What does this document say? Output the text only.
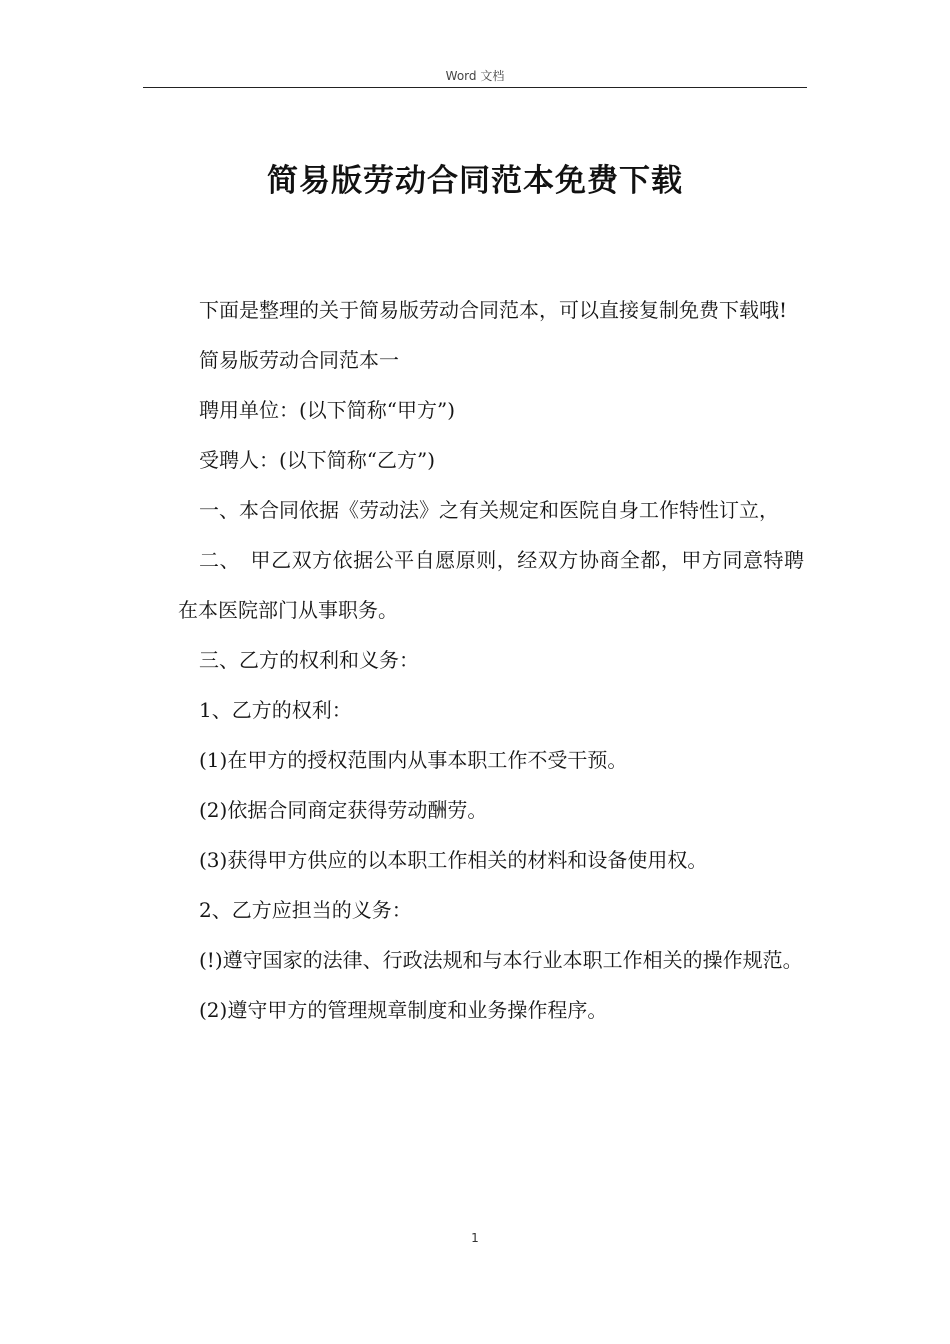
Word 文档
简易版劳动合同范本免费下载

下面是整理的关于简易版劳动合同范本，可以直接复制免费下载哦!

简易版劳动合同范本一

聘用单位：(以下简称“甲方”)

受聘人：(以下简称“乙方”)

一、本合同依据《劳动法》之有关规定和医院自身工作特性订立，

二、　甲乙双方依据公平自愿原则，经双方协商全都，甲方同意特聘在本医院部门从事职务。

三、乙方的权利和义务：

1、乙方的权利：

(1)在甲方的授权范围内从事本职工作不受干预。

(2)依据合同商定获得劳动酬劳。

(3)获得甲方供应的以本职工作相关的材料和设备使用权。

2、乙方应担当的义务：

(!)遵守国家的法律、行政法规和与本行业本职工作相关的操作规范。

(2)遵守甲方的管理规章制度和业务操作程序。

1
